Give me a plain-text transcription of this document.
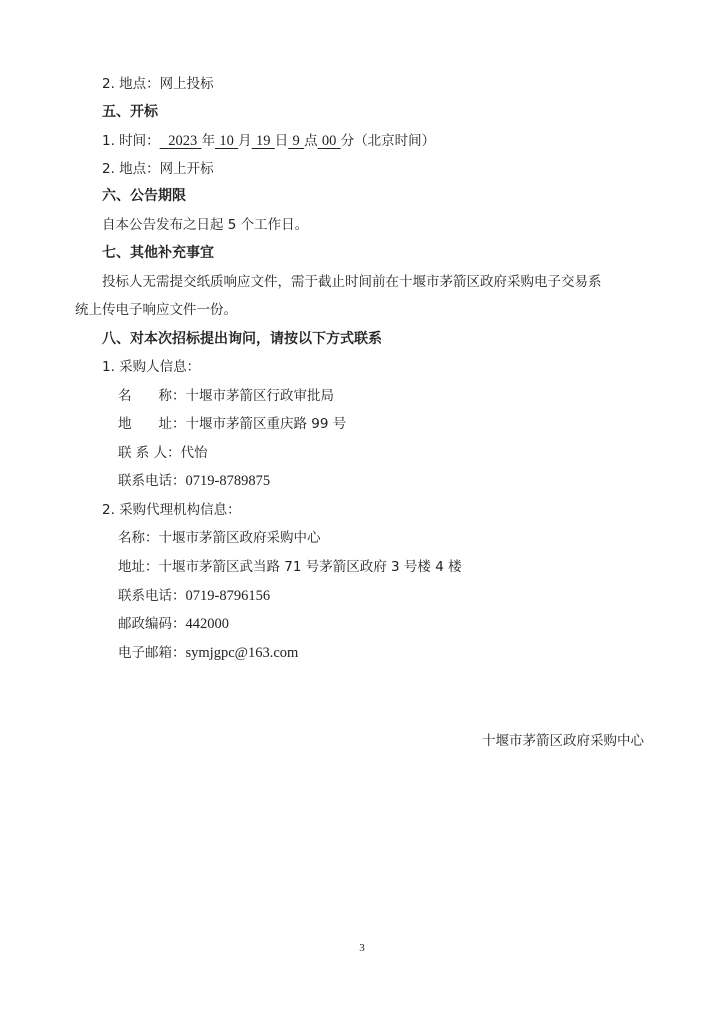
2. 地点：网上投标
五、开标
1. 时间： 2023 年 10 月 19 日 9 点 00 分（北京时间）
2. 地点：网上开标
六、公告期限
自本公告发布之日起 5 个工作日。
七、其他补充事宜
投标人无需提交纸质响应文件，需于截止时间前在十堰市茅箭区政府采购电子交易系
统上传电子响应文件一份。
八、对本次招标提出询问，请按以下方式联系
1. 采购人信息：
名　　称：十堰市茅箭区行政审批局
地　　址：十堰市茅箭区重庆路 99 号
联 系 人：代怡
联系电话：0719-8789875
2. 采购代理机构信息：
名称：十堰市茅箭区政府采购中心
地址：十堰市茅箭区武当路 71 号茅箭区政府 3 号楼 4 楼
联系电话：0719-8796156
邮政编码：442000
电子邮箱：symjgpc@163.com
十堰市茅箭区政府采购中心
3
